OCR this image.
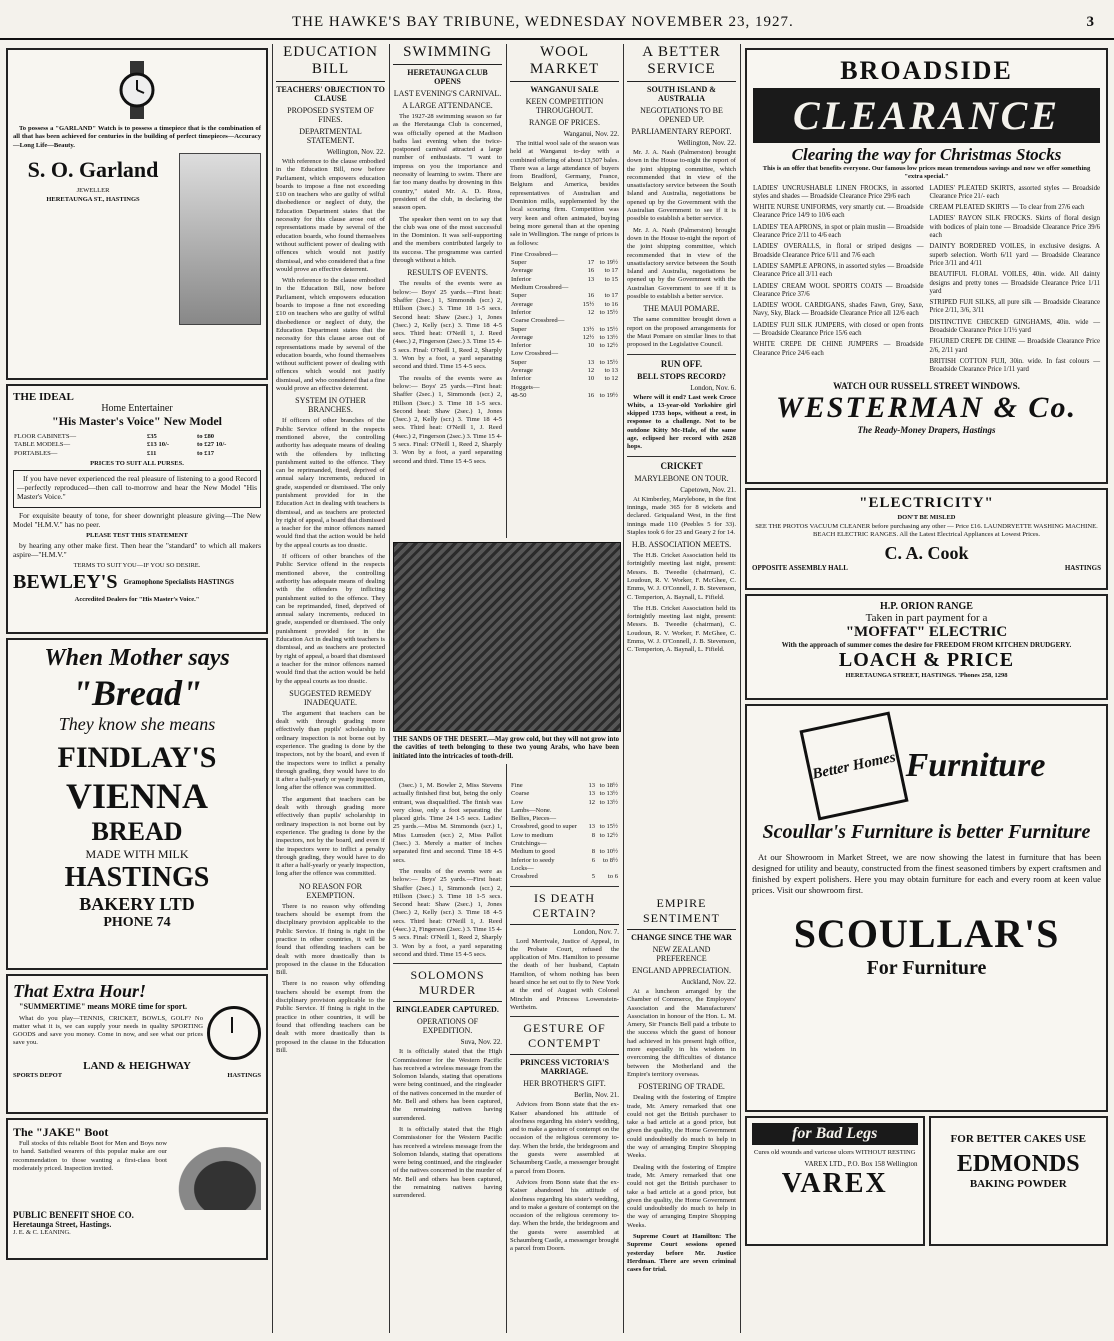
THE HAWKE'S BAY TRIBUNE, WEDNESDAY NOVEMBER 23, 1927.	3

To possess a "GARLAND" Watch is to possess a timepiece that is the combination of all that has been achieved for centuries in the building of perfect timepieces—Accuracy—Long Life—Beauty.

S. O. Garland
JEWELLER
HERETAUNGA ST., HASTINGS
THE IDEAL
Home Entertainer
"His Master's Voice" New Model
FLOOR CABINETS—	£35	to £80
TABLE MODELS—	£13 10/-	to £27 10/-
PORTABLES—	£11	to £17
PRICES TO SUIT ALL PURSES.

If you have never experienced the real pleasure of listening to a good Record—perfectly reproduced—then call to-morrow and hear the New Model "His Master's Voice."

For exquisite beauty of tone, for sheer downright pleasure giving—The New Model "H.M.V." has no peer.

PLEASE TEST THIS STATEMENT

by hearing any other make first. Then hear the "standard" to which all makers aspire—"H.M.V."

TERMS TO SUIT YOU—IF YOU SO DESIRE.
BEWLEY'S Gramophone Specialists HASTINGS
Accredited Dealers for "His Master's Voice."
When Mother says
"Bread"
They know she means
FINDLAY'S
VIENNA
BREAD
MADE WITH MILK
HASTINGS
BAKERY LTD
PHONE 74
That Extra Hour!

"SUMMERTIME" means MORE time for sport.

What do you play—TENNIS, CRICKET, BOWLS, GOLF? No matter what it is, we can supply your needs in quality SPORTING GOODS and save you money. Come in now, and see what our prices save you.

LAND & HEIGHWAY
SPORTS DEPOT	HASTINGS
The "JAKE" Boot

Full stocks of this reliable Boot for Men and Boys now to hand. Satisfied wearers of this popular make are our recommendation to those wanting a first-class boot moderately priced. Inspection invited.

PUBLIC BENEFIT SHOE CO.
Heretaunga Street, Hastings.
J. E. & C. LEANING.
EDUCATION BILL
TEACHERS' OBJECTION TO CLAUSE
PROPOSED SYSTEM OF FINES.
DEPARTMENTAL STATEMENT.
Wellington, Nov. 22.

With reference to the clause embodied in the Education Bill, now before Parliament, which empowers education boards to impose a fine not exceeding £10 on teachers who are guilty of wilful disobedience or neglect of duty, the Education Department states that the necessity for this clause arose out of representations made by several of the education boards, who found themselves without sufficient power of dealing with offences which would not justify dismissal, and who considered that a fine would prove an effective deterrent.

With reference to the clause embodied in the Education Bill, now before Parliament, which empowers education boards to impose a fine not exceeding £10 on teachers who are guilty of wilful disobedience or neglect of duty, the Education Department states that the necessity for this clause arose out of representations made by several of the education boards, who found themselves without sufficient power of dealing with offences which would not justify dismissal, and who considered that a fine would prove an effective deterrent.

SYSTEM IN OTHER BRANCHES.

If officers of other branches of the Public Service offend in the respects mentioned above, the controlling authority has adequate means of dealing with the offenders by inflicting punishment suited to the offence. They can be reprimanded, fined, deprived of annual salary increments, reduced in grade, suspended or dismissed. The only punishment provided for in the Education Act in dealing with teachers is dismissal, and as teachers are protected by right of appeal, a board that dismissed a teacher for the minor offences named would find that the action would be held by the appeal courts as too drastic.

If officers of other branches of the Public Service offend in the respects mentioned above, the controlling authority has adequate means of dealing with the offenders by inflicting punishment suited to the offence. They can be reprimanded, fined, deprived of annual salary increments, reduced in grade, suspended or dismissed. The only punishment provided for in the Education Act in dealing with teachers is dismissal, and as teachers are protected by right of appeal, a board that dismissed a teacher for the minor offences named would find that the action would be held by the appeal courts as too drastic.

SUGGESTED REMEDY INADEQUATE.

The argument that teachers can be dealt with through grading more effectively than pupils' scholarship in ordinary inspection is not borne out by experience. The grading is done by the inspectors, not by the board, and even if the inspectors were to inflict a penalty through grading, they would have to do it after a half-yearly or yearly inspection, long after the offence was committed.

The argument that teachers can be dealt with through grading more effectively than pupils' scholarship in ordinary inspection is not borne out by experience. The grading is done by the inspectors, not by the board, and even if the inspectors were to inflict a penalty through grading, they would have to do it after a half-yearly or yearly inspection, long after the offence was committed.

NO REASON FOR EXEMPTION.

There is no reason why offending teachers should be exempt from the disciplinary provision applicable to the Public Service. If fining is right in the practice in other countries, it will be found that offending teachers can be dealt with more drastically than is proposed in the clause in the Education Bill.

There is no reason why offending teachers should be exempt from the disciplinary provision applicable to the Public Service. If fining is right in the practice in other countries, it will be found that offending teachers can be dealt with more drastically than is proposed in the clause in the Education Bill.

SWIMMING
HERETAUNGA CLUB OPENS
LAST EVENING'S CARNIVAL.
A LARGE ATTENDANCE.

The 1927-28 swimming season so far as the Heretaunga Club is concerned, was officially opened at the Madison baths last evening when the twice-postponed carnival attracted a large number of enthusiasts. "I want to impress on you the importance and necessity of learning to swim. There are far too many deaths by drowning in this country," stated Mr. A. D. Ross, president of the club, in declaring the season open.

The speaker then went on to say that the club was one of the most successful in the Dominion. It was self-supporting and the members contributed largely to its success. The programme was carried through without a hitch.

RESULTS OF EVENTS.

The results of the events were as below:— Boys' 25 yards.—First heat: Shaffer (2sec.) 1, Simmonds (scr.) 2, Hillson (3sec.) 3. Time 18 1-5 secs. Second heat: Shaw (2sec.) 1, Jones (3sec.) 2, Kelly (scr.) 3. Time 18 4-5 secs. Third heat: O'Neill 1, J. Reed (4sec.) 2, Fingerson (2sec.) 3. Time 15 4-5 secs. Final: O'Neill 1, Reed 2, Sharply 3. Won by a foot, a yard separating second and third. Time 15 4-5 secs.

The results of the events were as below:— Boys' 25 yards.—First heat: Shaffer (2sec.) 1, Simmonds (scr.) 2, Hillson (3sec.) 3. Time 18 1-5 secs. Second heat: Shaw (2sec.) 1, Jones (3sec.) 2, Kelly (scr.) 3. Time 18 4-5 secs. Third heat: O'Neill 1, J. Reed (4sec.) 2, Fingerson (2sec.) 3. Time 15 4-5 secs. Final: O'Neill 1, Reed 2, Sharply 3. Won by a foot, a yard separating second and third. Time 15 4-5 secs.

THE SANDS OF THE DESERT.—May grow cold, but they will not grow into the cavities of teeth belonging to these two young Arabs, who have been initiated into the intricacies of tooth-drill.

(3sec.) 1, M. Bowler 2, Miss Stevens actually finished first but, being the only entrant, was disqualified. The finish was very close, only a foot separating the placed girls. Time 24 1-5 secs. Ladies' 25 yards.—Miss M. Simmonds (scr.) 1, Miss Lumsden (scr.) 2, Miss Pallot (3sec.) 3. Merely a matter of inches separated first and second. Time 18 4-5 secs.

The results of the events were as below:— Boys' 25 yards.—First heat: Shaffer (2sec.) 1, Simmonds (scr.) 2, Hillson (3sec.) 3. Time 18 1-5 secs. Second heat: Shaw (2sec.) 1, Jones (3sec.) 2, Kelly (scr.) 3. Time 18 4-5 secs. Third heat: O'Neill 1, J. Reed (4sec.) 2, Fingerson (2sec.) 3. Time 15 4-5 secs. Final: O'Neill 1, Reed 2, Sharply 3. Won by a foot, a yard separating second and third. Time 15 4-5 secs.

SOLOMONS MURDER
RINGLEADER CAPTURED.
OPERATIONS OF EXPEDITION.
Suva, Nov. 22.

It is officially stated that the High Commissioner for the Western Pacific has received a wireless message from the Solomon Islands, stating that operations were being continued, and the ringleader of the natives concerned in the murder of Mr. Bell and others has been captured, the remaining natives having surrendered.

It is officially stated that the High Commissioner for the Western Pacific has received a wireless message from the Solomon Islands, stating that operations were being continued, and the ringleader of the natives concerned in the murder of Mr. Bell and others has been captured, the remaining natives having surrendered.

WOOL MARKET
WANGANUI SALE
KEEN COMPETITION THROUGHOUT.
RANGE OF PRICES.
Wanganui, Nov. 22.

The initial wool sale of the season was held at Wanganui to-day with a combined offering of about 13,507 bales. There was a large attendance of buyers from Bradford, Germany, France, Belgium and America, besides representatives of Australian and Dominion mills, supplemented by the local scouring firm. Competition was very keen and often animated, buying being more general than at the opening sale in Wellington. The range of prices is as follows:

Fine Crossbred—		
Super	17	to 19½
Average	16	to 17
Inferior	13	to 15
Medium Crossbred—		
Super	16	to 17
Average	15½	to 16
Inferior	12	to 15½
Coarse Crossbred—		
Super	13½	to 15½
Average	12½	to 13½
Inferior	10	to 12½
Low Crossbred—		
Super	13	to 15½
Average	12	to 13
Inferior	10	to 12
Hoggets—		
48-50	16	to 19½
Fine	13	to 18½
Coarse	13	to 13½
Low	12	to 13½
Lambs—None.		
Bellies, Pieces—		
Crossbred, good to super	13	to 15½
Low to medium	8	to 12½
Crutchings—		
Medium to good	8	to 10½
Inferior to seedy	6	to 8½
Locks—		
Crossbred	5	to 6
IS DEATH CERTAIN?
London, Nov. 7.

Lord Merrivale, Justice of Appeal, in the Probate Court, refused the application of Mrs. Hamilton to presume the death of her husband, Captain Hamilton, of whom nothing has been heard since he set out to fly to New York at the end of August with Colonel Minchin and Princess Lowenstein-Wertheim.

GESTURE OF CONTEMPT
PRINCESS VICTORIA'S MARRIAGE.
HER BROTHER'S GIFT.
Berlin, Nov. 21.

Advices from Bonn state that the ex-Kaiser abandoned his attitude of aloofness regarding his sister's wedding, and to make a gesture of contempt on the occasion of the religious ceremony to-day. When the bride, the bridegroom and the guests were assembled at Schaumberg Castle, a messenger brought a parcel from Doorn.

Advices from Bonn state that the ex-Kaiser abandoned his attitude of aloofness regarding his sister's wedding, and to make a gesture of contempt on the occasion of the religious ceremony to-day. When the bride, the bridegroom and the guests were assembled at Schaumberg Castle, a messenger brought a parcel from Doorn.

A BETTER SERVICE
SOUTH ISLAND & AUSTRALIA
NEGOTIATIONS TO BE OPENED UP.
PARLIAMENTARY REPORT.
Wellington, Nov. 22.

Mr. J. A. Nash (Palmerston) brought down in the House to-night the report of the joint shipping committee, which recommended that in view of the unsatisfactory service between the South Island and Australia, negotiations be opened up by the Government with the Australian Government to see if it is possible to establish a better service.

Mr. J. A. Nash (Palmerston) brought down in the House to-night the report of the joint shipping committee, which recommended that in view of the unsatisfactory service between the South Island and Australia, negotiations be opened up by the Government with the Australian Government to see if it is possible to establish a better service.

THE MAUI POMARE.

The same committee brought down a report on the proposed arrangements for the Maui Pomare on similar lines to that proposed in the Legislative Council.

RUN OFF.
BELL STOPS RECORD?
London, Nov. 6.

Where will it end? Last week Croce Whits, a 13-year-old Yorkshire girl skipped 1733 hops, without a rest, in response to a challenge. Not to be outdone Kitty Mc-Hale, of the same age, eclipsed her record with 2628 hops.

CRICKET
MARYLEBONE ON TOUR.
Capetown, Nov. 21.

At Kimberley, Marylebone, in the first innings, made 365 for 8 wickets and declared. Griqualand West, in the first innings made 110 (Peebles 5 for 33). Staples took 6 for 23 and Geary 2 for 14.

H.B. ASSOCIATION MEETS.

The H.B. Cricket Association held its fortnightly meeting last night, present: Messrs. B. Tweedie (chairman), C. Loudoun, R. V. Worker, F. McGhee, C. Emms, W. J. O'Connell, J. B. Stevenson, C. Temperton, A. Baynall, L. Fifield.

The H.B. Cricket Association held its fortnightly meeting last night, present: Messrs. B. Tweedie (chairman), C. Loudoun, R. V. Worker, F. McGhee, C. Emms, W. J. O'Connell, J. B. Stevenson, C. Temperton, A. Baynall, L. Fifield.

EMPIRE SENTIMENT
CHANGE SINCE THE WAR
NEW ZEALAND PREFERENCE
ENGLAND APPRECIATION.
Auckland, Nov. 22.

At a luncheon arranged by the Chamber of Commerce, the Employers' Association and the Manufacturers' Association in honour of the Hon. L. M. Amery, Sir Francis Bell paid a tribute to the success which the guest of honour had achieved in his present high office, more especially in his wisdom in overcoming the difficulties of distance between the Motherland and the Empire's territory overseas.

FOSTERING OF TRADE.

Dealing with the fostering of Empire trade, Mr. Amery remarked that one could not get the British purchaser to take a bad article at a good price, but given the quality, the Home Government could undoubtedly do much to help in the way of arranging Empire Shopping Weeks.

Dealing with the fostering of Empire trade, Mr. Amery remarked that one could not get the British purchaser to take a bad article at a good price, but given the quality, the Home Government could undoubtedly do much to help in the way of arranging Empire Shopping Weeks.

Supreme Court at Hamilton: The Supreme Court sessions opened yesterday before Mr. Justice Herdman. There are seven criminal cases for trial.

BROADSIDE
CLEARANCE
Clearing the way for Christmas Stocks

This is an offer that benefits everyone. Our famous low prices mean tremendous savings and now we offer something "extra special."

LADIES' UNCRUSHABLE LINEN FROCKS, in assorted styles and shades — Broadside Clearance Price 29/6 each

WHITE NURSE UNIFORMS, very smartly cut. — Broadside Clearance Price 14/9 to 10/6 each

LADIES' TEA APRONS, in spot or plain muslin — Broadside Clearance Price 2/11 to 4/6 each

LADIES' OVERALLS, in floral or striped designs — Broadside Clearance Price 6/11 and 7/6 each

LADIES' SAMPLE APRONS, in assorted styles — Broadside Clearance Price all 3/11 each

LADIES' CREAM WOOL SPORTS COATS — Broadside Clearance Price 37/6

LADIES' WOOL CARDIGANS, shades Fawn, Grey, Saxe, Navy, Sky, Black — Broadside Clearance Price all 12/6 each

LADIES' FUJI SILK JUMPERS, with closed or open fronts — Broadside Clearance Price 15/6 each

WHITE CREPE DE CHINE JUMPERS — Broadside Clearance Price 24/6 each

LADIES' PLEATED SKIRTS, assorted styles — Broadside Clearance Price 21/- each

CREAM PLEATED SKIRTS — To clear from 27/6 each

LADIES' RAYON SILK FROCKS. Skirts of floral design with bodices of plain tone — Broadside Clearance Price 39/6 each

DAINTY BORDERED VOILES, in exclusive designs. A superb selection. Worth 6/11 yard — Broadside Clearance Price 3/11 and 4/11

BEAUTIFUL FLORAL VOILES, 40in. wide. All dainty designs and pretty tones — Broadside Clearance Price 1/11 yard

STRIPED FUJI SILKS, all pure silk — Broadside Clearance Price 2/11, 3/6, 3/11

DISTINCTIVE CHECKED GINGHAMS, 40in. wide — Broadside Clearance Price 1/1½ yard

FIGURED CREPE DE CHINE — Broadside Clearance Price 2/6, 2/11 yard

BRITISH COTTON FUJI, 30in. wide. In fast colours — Broadside Clearance Price 1/11 yard

WATCH OUR RUSSELL STREET WINDOWS.
WESTERMAN & Co.
The Ready-Money Drapers, Hastings
"ELECTRICITY"
DON'T BE MISLED

SEE THE PROTOS VACUUM CLEANER before purchasing any other — Price £16. LAUNDRYETTE WASHING MACHINE. BEACH ELECTRIC RANGES. All the Latest Electrical Appliances at Lowest Prices.

C. A. Cook
OPPOSITE ASSEMBLY HALL	HASTINGS
H.P. ORION RANGE
Taken in part payment for a
"MOFFAT" ELECTRIC
With the approach of summer comes the desire for FREEDOM FROM KITCHEN DRUDGERY.
LOACH & PRICE
HERETAUNGA STREET, HASTINGS. 'Phones 258, 1298
Better Homes Furniture
Scoullar's Furniture is better Furniture

At our Showroom in Market Street, we are now showing the latest in furniture that has been designed for utility and beauty, constructed from the finest seasoned timbers by expert craftsmen and finished by expert polishers. Here you may obtain furniture for each and every room at keen value prices. Visit our showroom first.

SCOULLAR'S
For Furniture
for Bad Legs

Cures old wounds and varicose ulcers WITHOUT RESTING

VAREX LTD., P.O. Box 158 Wellington
VAREX
FOR BETTER CAKES USE
EDMONDS
BAKING POWDER
